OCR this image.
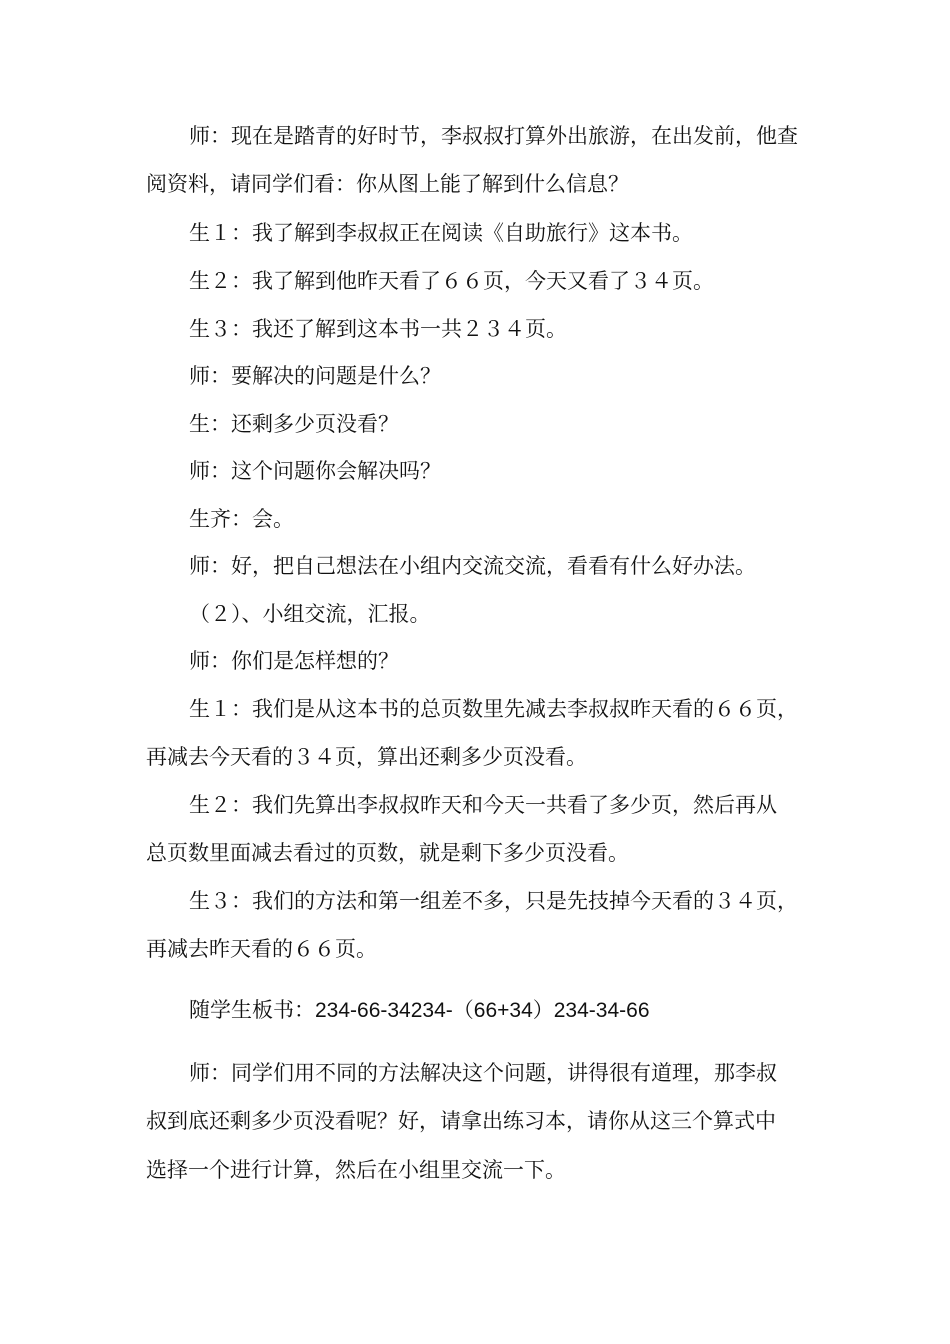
师：现在是踏青的好时节，李叔叔打算外出旅游，在出发前，他查
阅资料，请同学们看：你从图上能了解到什么信息？
生１：我了解到李叔叔正在阅读《自助旅行》这本书。
生２：我了解到他昨天看了６６页，今天又看了３４页。
生３：我还了解到这本书一共２３４页。
师：要解决的问题是什么？
生：还剩多少页没看？
师：这个问题你会解决吗？
生齐：会。
师：好，把自己想法在小组内交流交流，看看有什么好办法。
（２）、小组交流，汇报。
师：你们是怎样想的？
生１：我们是从这本书的总页数里先减去李叔叔昨天看的６６页，
再减去今天看的３４页，算出还剩多少页没看。
生２：我们先算出李叔叔昨天和今天一共看了多少页，然后再从
总页数里面减去看过的页数，就是剩下多少页没看。
生３：我们的方法和第一组差不多，只是先技掉今天看的３４页，
再减去昨天看的６６页。
随学生板书：234-66-34234-（66+34）234-34-66
师：同学们用不同的方法解决这个问题，讲得很有道理，那李叔
叔到底还剩多少页没看呢？好，请拿出练习本，请你从这三个算式中
选择一个进行计算，然后在小组里交流一下。
